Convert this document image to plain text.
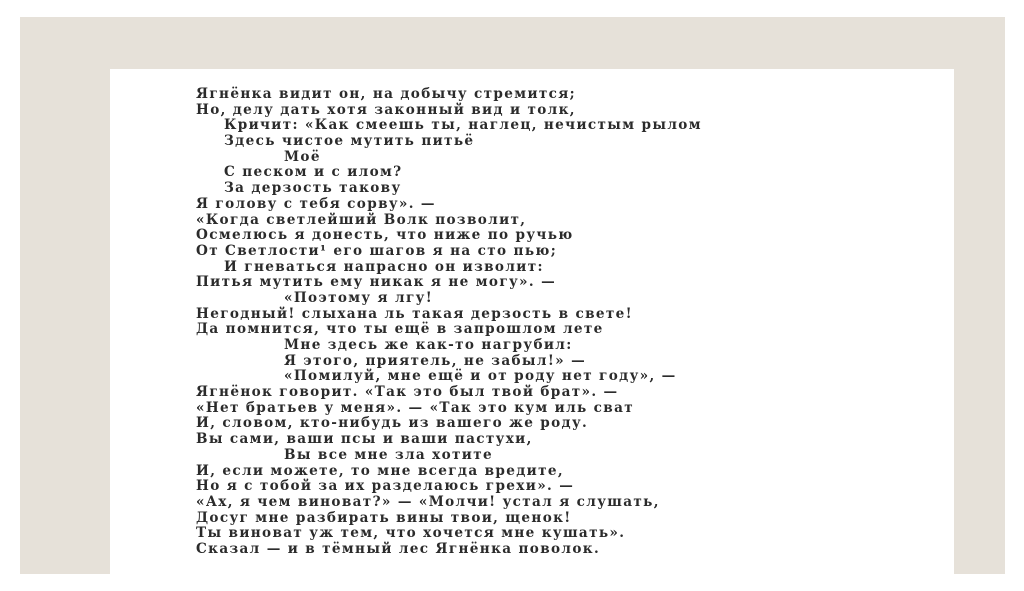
Ягнёнка видит он, на добычу стремится;
Но, делу дать хотя законный вид и толк,
Кричит: «Как смеешь ты, наглец, нечистым рылом
Здесь чистое мутить питьё
Моё
С песком и с илом?
За дерзость такову
Я голову с тебя сорву». —
«Когда светлейший Волк позволит,
Осмелюсь я донесть, что ниже по ручью
От Светлости¹ его шагов я на сто пью;
И гневаться напрасно он изволит:
Питья мутить ему никак я не могу». —
«Поэтому я лгу!
Негодный! слыхана ль такая дерзость в свете!
Да помнится, что ты ещё в запрошлом лете
Мне здесь же как-то нагрубил:
Я этого, приятель, не забыл!» —
«Помилуй, мне ещё и от роду нет году», —
Ягнёнок говорит. «Так это был твой брат». —
«Нет братьев у меня». — «Так это кум иль сват
И, словом, кто-нибудь из вашего же роду.
Вы сами, ваши псы и ваши пастухи,
Вы все мне зла хотите
И, если можете, то мне всегда вредите,
Но я с тобой за их разделаюсь грехи». —
«Ах, я чем виноват?» — «Молчи! устал я слушать,
Досуг мне разбирать вины твои, щенок!
Ты виноват уж тем, что хочется мне кушать».
Сказал — и в тёмный лес Ягнёнка поволок.
